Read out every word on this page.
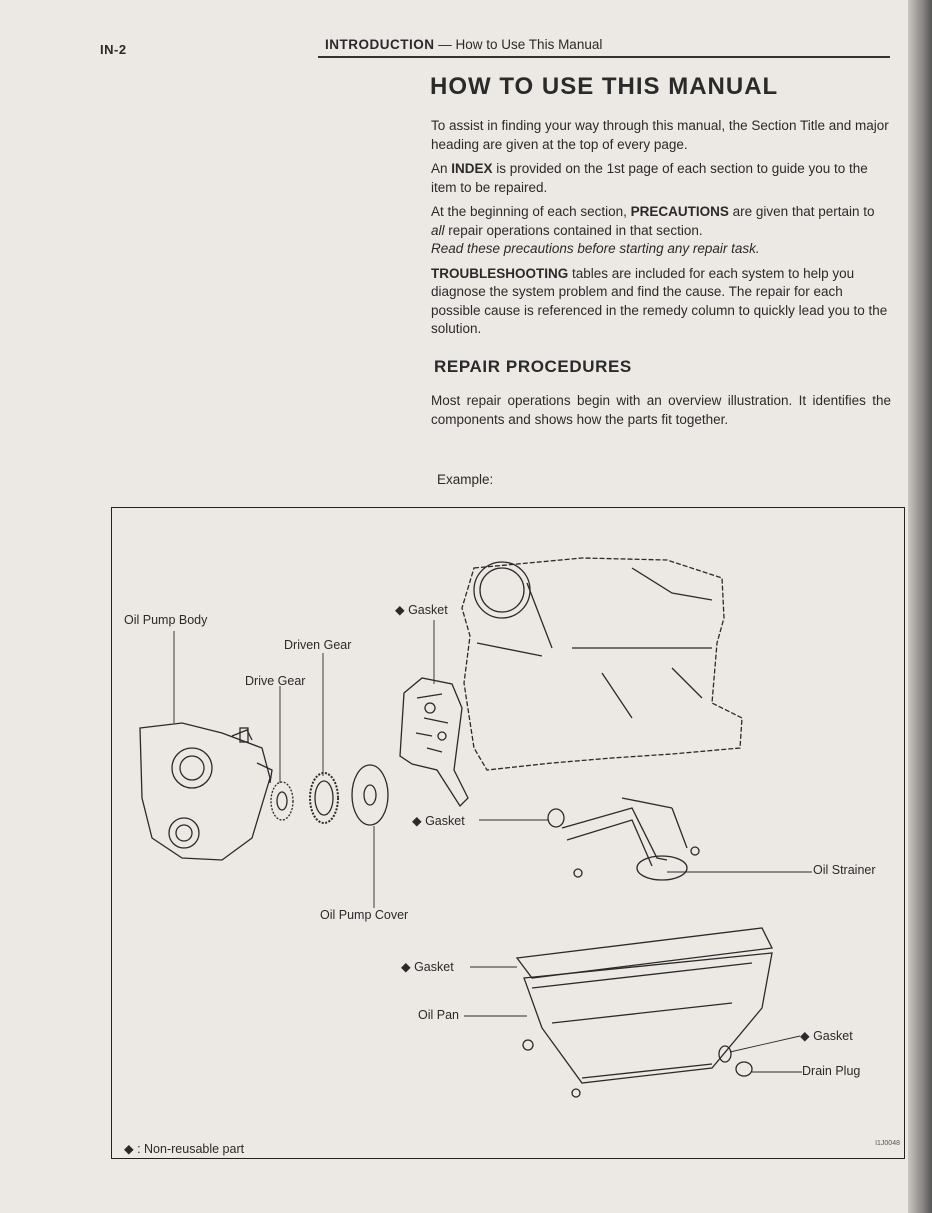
IN-2	INTRODUCTION — How to Use This Manual
HOW TO USE THIS MANUAL

To assist in finding your way through this manual, the Section Title and major heading are given at the top of every page.

An INDEX is provided on the 1st page of each section to guide you to the item to be repaired.

At the beginning of each section, PRECAUTIONS are given that pertain to all repair operations contained in that section.
Read these precautions before starting any repair task.

TROUBLESHOOTING tables are included for each system to help you diagnose the system problem and find the cause. The repair for each possible cause is referenced in the remedy column to quickly lead you to the solution.

REPAIR PROCEDURES

Most repair operations begin with an overview illustration. It identifies the components and shows how the parts fit together.

Example:
Oil Pump Body
◆ Gasket
Driven Gear
Drive Gear
◆ Gasket
Oil Strainer
Oil Pump Cover
◆ Gasket
Oil Pan
◆ Gasket
Drain Plug
◆ : Non-reusable part	I1J0048
